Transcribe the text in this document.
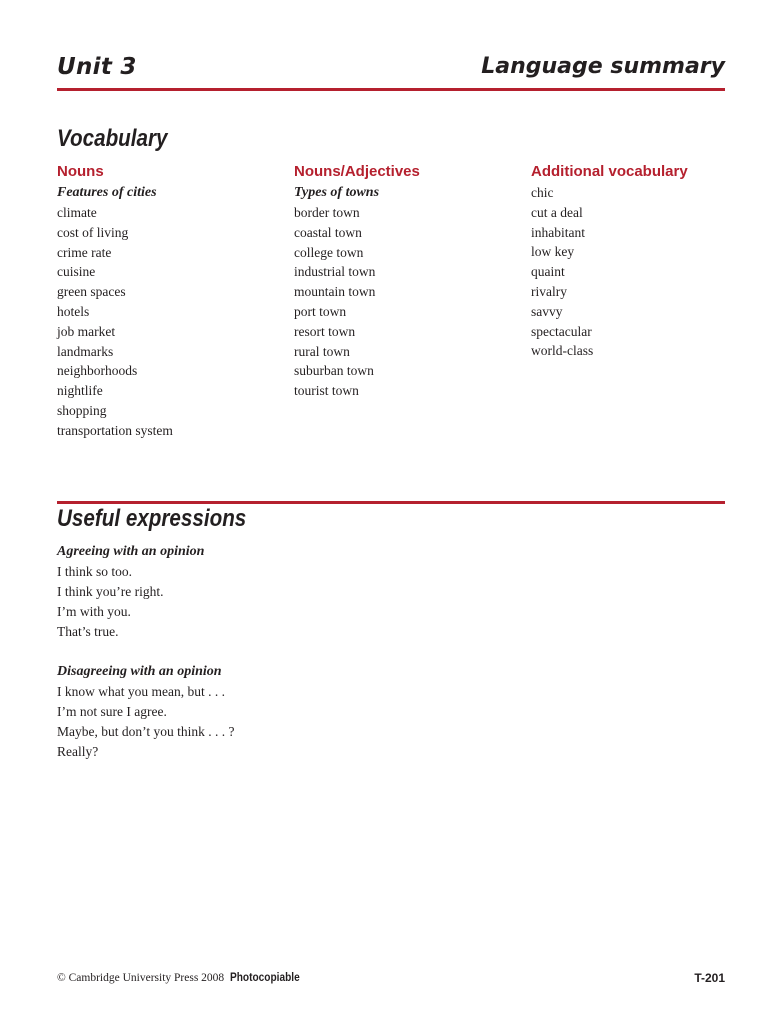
Unit 3	Language summary
Vocabulary
Nouns
Features of cities
climate
cost of living
crime rate
cuisine
green spaces
hotels
job market
landmarks
neighborhoods
nightlife
shopping
transportation system
Nouns/Adjectives
Types of towns
border town
coastal town
college town
industrial town
mountain town
port town
resort town
rural town
suburban town
tourist town
Additional vocabulary
chic
cut a deal
inhabitant
low key
quaint
rivalry
savvy
spectacular
world-class
Useful expressions
Agreeing with an opinion
I think so too.
I think you’re right.
I’m with you.
That’s true.
Disagreeing with an opinion
I know what you mean, but . . .
I’m not sure I agree.
Maybe, but don’t you think . . . ?
Really?
© Cambridge University Press 2008 Photocopiable	T-201
